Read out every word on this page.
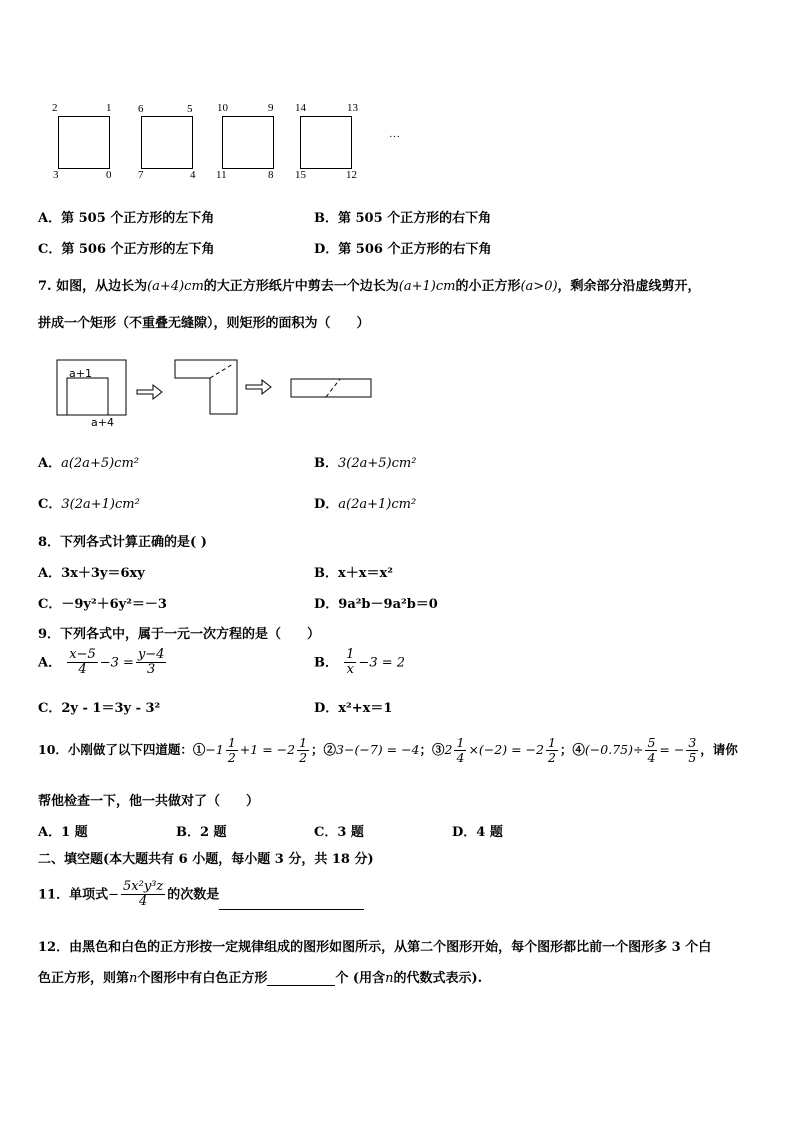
2	1
3	0
6	5
7	4
10	9
11	8
14	13
15	12
···
A．第 505 个正方形的左下角	B．第 505 个正方形的右下角
C．第 506 个正方形的左下角	D．第 506 个正方形的右下角
7. 如图，从边长为(a+4)cm的大正方形纸片中剪去一个边长为(a+1)cm的小正方形(a>0)，剩余部分沿虚线剪开，
拼成一个矩形（不重叠无缝隙），则矩形的面积为（　　）
a+1
a+4
A．a(2a+5)cm²	B．3(2a+5)cm²
C．3(2a+1)cm²	D．a(2a+1)cm²
8．下列各式计算正确的是( )
A．3x＋3y＝6xy	B．x＋x＝x²
C．－9y²＋6y²＝－3	D．9a²b－9a²b＝0
9．下列各式中，属于一元一次方程的是（　　）
A． $\frac{x-5}{4} -3 = \frac{y-4}{3}$	B． $\frac{1}{x} -3 = 2$
C．2y - 1＝3y - 3²	D．x²+x＝1
10．小刚做了以下四道题：①−1 $\frac{1}{2} +1 = -2 \frac{1}{2}$ ；②3−(−7) = −4；③2 $\frac{1}{4} \times(-2) = -2 \frac{1}{2}$ ；④(−0.75)÷ $\frac{5}{4}$ = − $\frac{3}{5}$ ，请你
帮他检查一下，他一共做对了（　　）
A．1 题	B．2 题	C．3 题	D．4 题
二、填空题(本大题共有 6 小题，每小题 3 分，共 18 分)
11．单项式− $\frac{\text{5x²y³z}}{4}$ 的次数是
12．由黑色和白色的正方形按一定规律组成的图形如图所示，从第二个图形开始，每个图形都比前一个图形多 3 个白
色正方形，则第n个图形中有白色正方形	个 (用含n的代数式表示).
